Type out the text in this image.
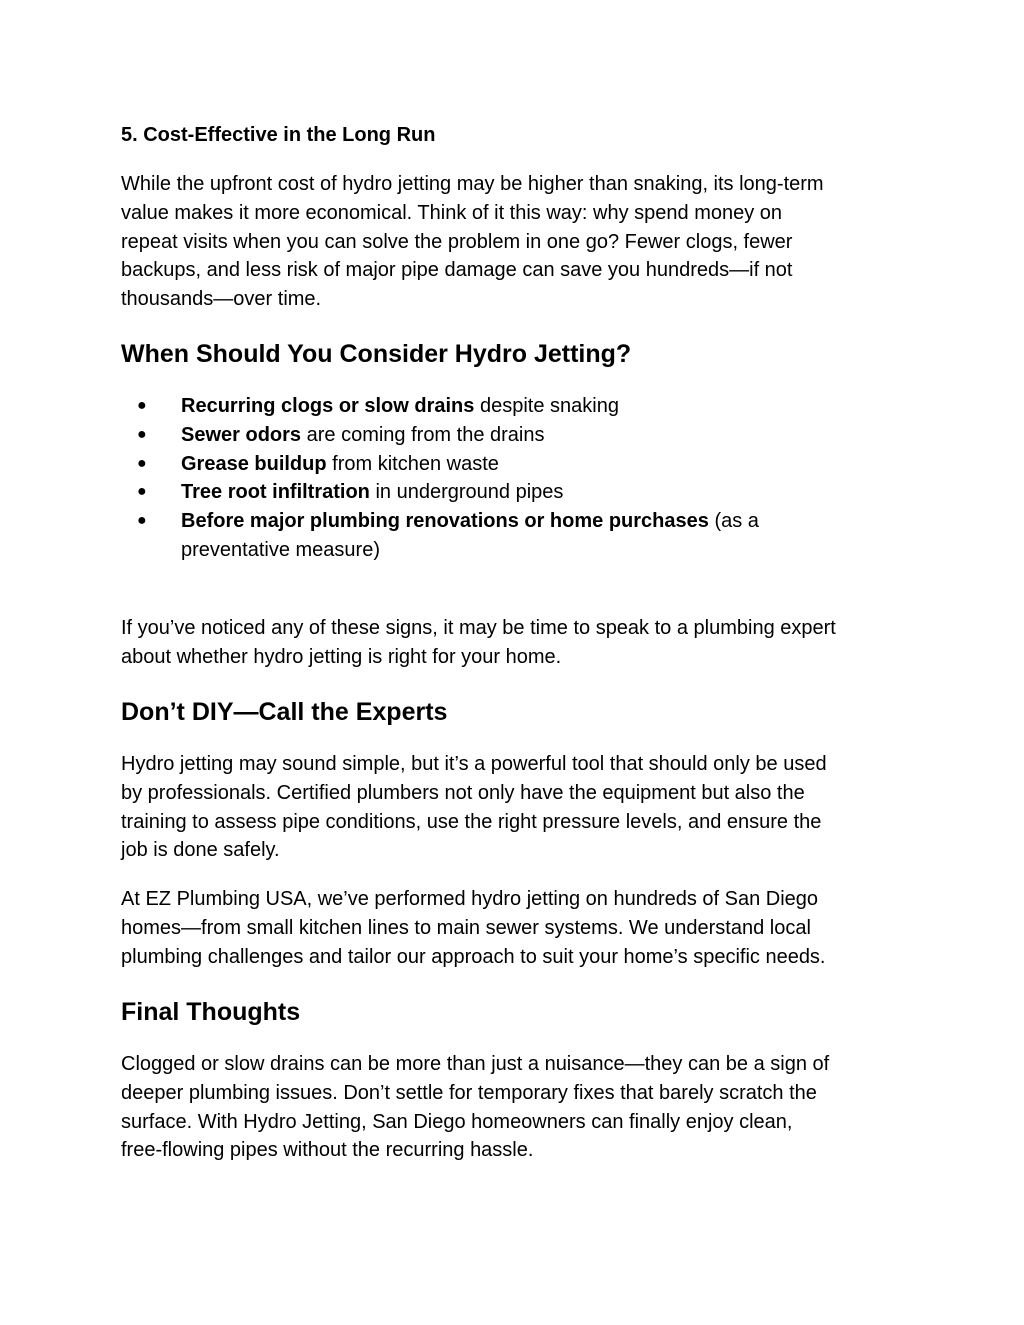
5. Cost-Effective in the Long Run
While the upfront cost of hydro jetting may be higher than snaking, its long-term
value makes it more economical. Think of it this way: why spend money on
repeat visits when you can solve the problem in one go? Fewer clogs, fewer
backups, and less risk of major pipe damage can save you hundreds—if not
thousands—over time.
When Should You Consider Hydro Jetting?
● Recurring clogs or slow drains despite snaking
● Sewer odors are coming from the drains
● Grease buildup from kitchen waste
● Tree root infiltration in underground pipes
● Before major plumbing renovations or home purchases (as a
preventative measure)
If you’ve noticed any of these signs, it may be time to speak to a plumbing expert
about whether hydro jetting is right for your home.
Don’t DIY—Call the Experts
Hydro jetting may sound simple, but it’s a powerful tool that should only be used
by professionals. Certified plumbers not only have the equipment but also the
training to assess pipe conditions, use the right pressure levels, and ensure the
job is done safely.
At EZ Plumbing USA, we’ve performed hydro jetting on hundreds of San Diego
homes—from small kitchen lines to main sewer systems. We understand local
plumbing challenges and tailor our approach to suit your home’s specific needs.
Final Thoughts
Clogged or slow drains can be more than just a nuisance—they can be a sign of
deeper plumbing issues. Don’t settle for temporary fixes that barely scratch the
surface. With Hydro Jetting, San Diego homeowners can finally enjoy clean,
free-flowing pipes without the recurring hassle.
